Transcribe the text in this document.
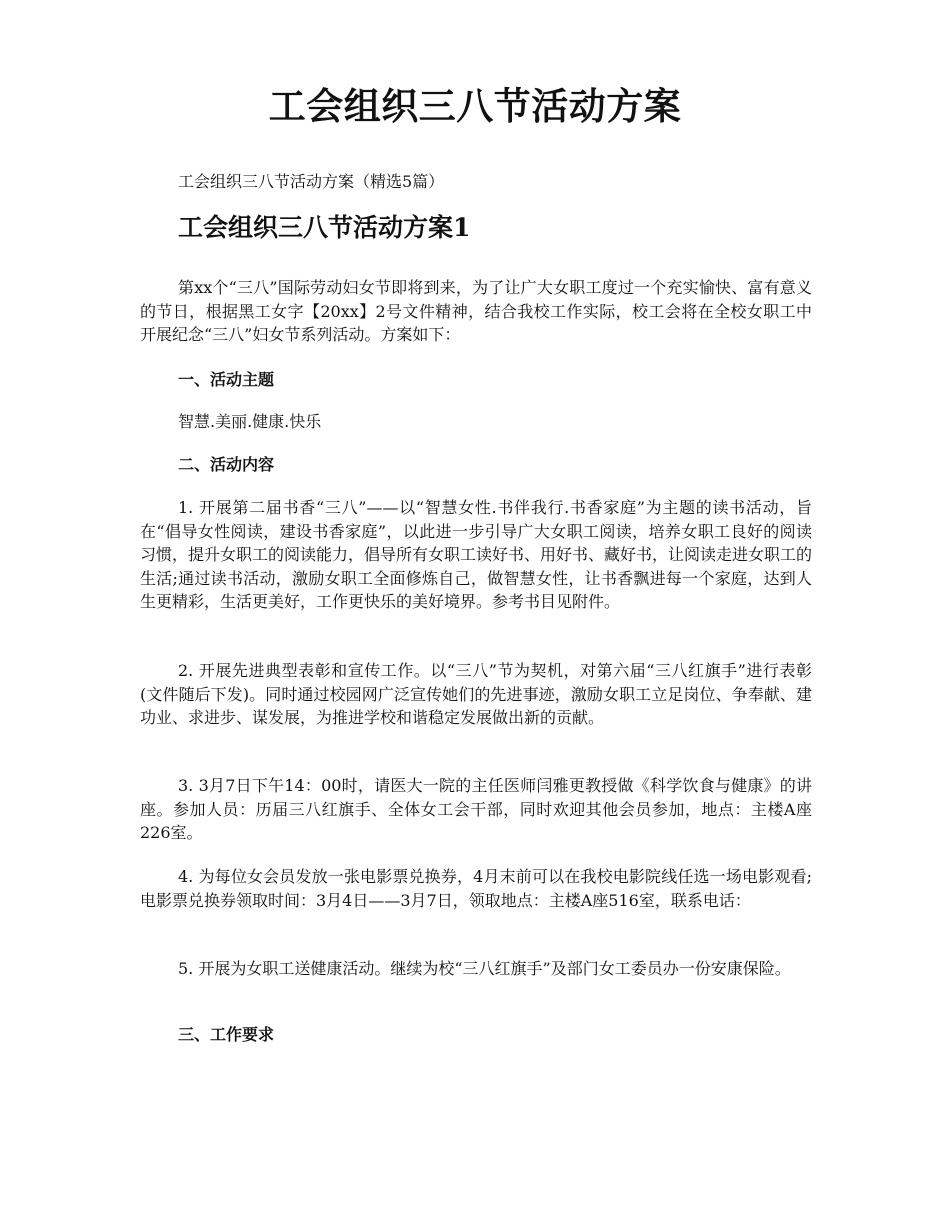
工会组织三八节活动方案
工会组织三八节活动方案（精选5篇）
工会组织三八节活动方案1

第xx个“三八”国际劳动妇女节即将到来，为了让广大女职工度过一个充实愉快、富有意义的节日，根据黑工女字【20xx】2号文件精神，结合我校工作实际，校工会将在全校女职工中开展纪念“三八”妇女节系列活动。方案如下：

一、活动主题
智慧.美丽.健康.快乐
二、活动内容

1. 开展第二届书香“三八”——以“智慧女性.书伴我行.书香家庭”为主题的读书活动，旨在“倡导女性阅读，建设书香家庭”，以此进一步引导广大女职工阅读，培养女职工良好的阅读习惯，提升女职工的阅读能力，倡导所有女职工读好书、用好书、藏好书，让阅读走进女职工的生活;通过读书活动，激励女职工全面修炼自己，做智慧女性，让书香飘进每一个家庭，达到人生更精彩，生活更美好，工作更快乐的美好境界。参考书目见附件。

2. 开展先进典型表彰和宣传工作。以“三八”节为契机，对第六届“三八红旗手”进行表彰(文件随后下发)。同时通过校园网广泛宣传她们的先进事迹，激励女职工立足岗位、争奉献、建功业、求进步、谋发展，为推进学校和谐稳定发展做出新的贡献。

3. 3月7日下午14：00时，请医大一院的主任医师闫雅更教授做《科学饮食与健康》的讲座。参加人员：历届三八红旗手、全体女工会干部，同时欢迎其他会员参加，地点：主楼A座226室。

4. 为每位女会员发放一张电影票兑换券，4月末前可以在我校电影院线任选一场电影观看;电影票兑换券领取时间：3月4日——3月7日，领取地点：主楼A座516室，联系电话：

5. 开展为女职工送健康活动。继续为校“三八红旗手”及部门女工委员办一份安康保险。

三、工作要求
